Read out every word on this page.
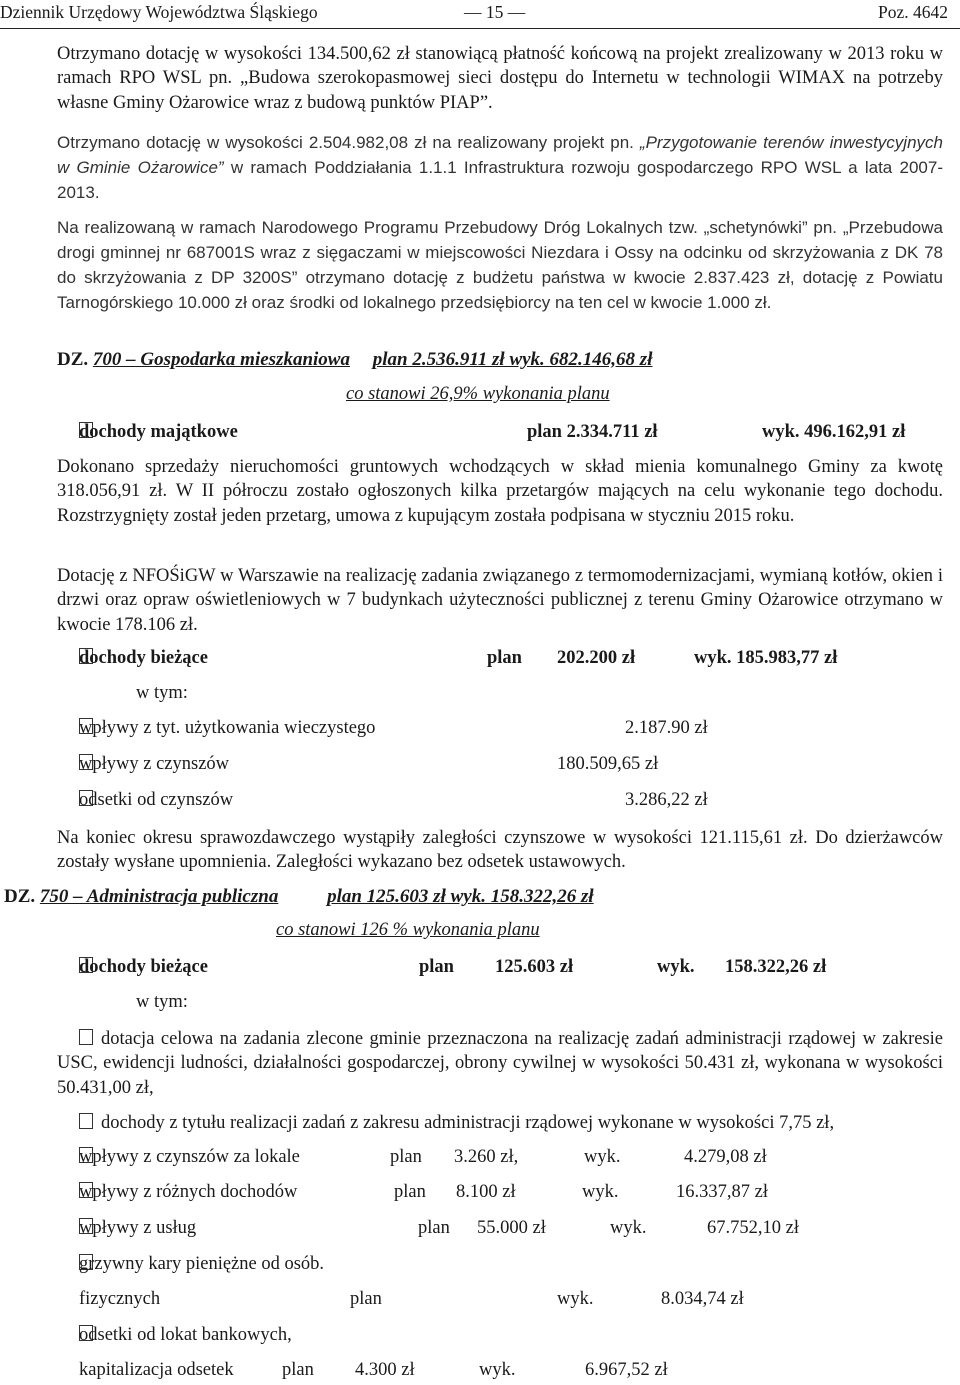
Dziennik Urzędowy Województwa Śląskiego	— 15 —	Poz. 4642

Otrzymano dotację w wysokości 134.500,62 zł stanowiącą płatność końcową na projekt zrealizowany w 2013 roku w ramach RPO WSL pn. „Budowa szerokopasmowej sieci dostępu do Internetu w technologii WIMAX na potrzeby własne Gminy Ożarowice wraz z budową punktów PIAP”.

Otrzymano dotację w wysokości 2.504.982,08 zł na realizowany projekt pn. „Przygotowanie terenów inwestycyjnych w Gminie Ożarowice” w ramach Poddziałania 1.1.1 Infrastruktura rozwoju gospodarczego RPO WSL a lata 2007-2013.

Na realizowaną w ramach Narodowego Programu Przebudowy Dróg Lokalnych tzw. „schetynówki” pn. „Przebudowa drogi gminnej nr 687001S wraz z sięgaczami w miejscowości Niezdara i Ossy na odcinku od skrzyżowania z DK 78 do skrzyżowania z DP 3200S” otrzymano dotację z budżetu państwa w kwocie 2.837.423 zł, dotację z Powiatu Tarnogórskiego 10.000 zł oraz środki od lokalnego przedsiębiorcy na ten cel w kwocie 1.000 zł.

DZ. 700 – Gospodarka mieszkaniowa plan 2.536.911 zł wyk. 682.146,68 zł
co stanowi 26,9% wykonania planu
dochody majątkowe	plan 2.334.711 zł	wyk. 496.162,91 zł

Dokonano sprzedaży nieruchomości gruntowych wchodzących w skład mienia komunalnego Gminy za kwotę 318.056,91 zł. W II półroczu zostało ogłoszonych kilka przetargów mających na celu wykonanie tego dochodu. Rozstrzygnięty został jeden przetarg, umowa z kupującym została podpisana w styczniu 2015 roku.

Dotację z NFOŚiGW w Warszawie na realizację zadania związanego z termomodernizacjami, wymianą kotłów, okien i drzwi oraz opraw oświetleniowych w 7 budynkach użyteczności publicznej z terenu Gminy Ożarowice otrzymano w kwocie 178.106 zł.

dochody bieżące	plan 202.200 zł	wyk. 185.983,77 zł
w tym:
wpływy z tyt. użytkowania wieczystego	2.187.90 zł
wpływy z czynszów	180.509,65 zł
odsetki od czynszów	3.286,22 zł

Na koniec okresu sprawozdawczego wystąpiły zaległości czynszowe w wysokości 121.115,61 zł. Do dzierżawców zostały wysłane upomnienia. Zaległości wykazano bez odsetek ustawowych.

DZ. 750 – Administracja publiczna	plan 125.603 zł wyk. 158.322,26 zł
co stanowi 126 % wykonania planu
dochody bieżące	plan 125.603 zł	wyk. 158.322,26 zł
w tym:

dotacja celowa na zadania zlecone gminie przeznaczona na realizację zadań administracji rządowej w zakresie USC, ewidencji ludności, działalności gospodarczej, obrony cywilnej w wysokości 50.431 zł, wykonana w wysokości 50.431,00 zł,

dochody z tytułu realizacji zadań z zakresu administracji rządowej wykonane w wysokości 7,75 zł,

wpływy z czynszów za lokale	plan 3.260 zł,	wyk.	4.279,08 zł
wpływy z różnych dochodów	plan 8.100 zł	wyk.	16.337,87 zł
wpływy z usług	plan 55.000 zł	wyk.	67.752,10 zł
grzywny kary pieniężne od osób.
fizycznych	plan	wyk.	8.034,74 zł
odsetki od lokat bankowych,
kapitalizacja odsetek	plan 4.300 zł	wyk.	6.967,52 zł
